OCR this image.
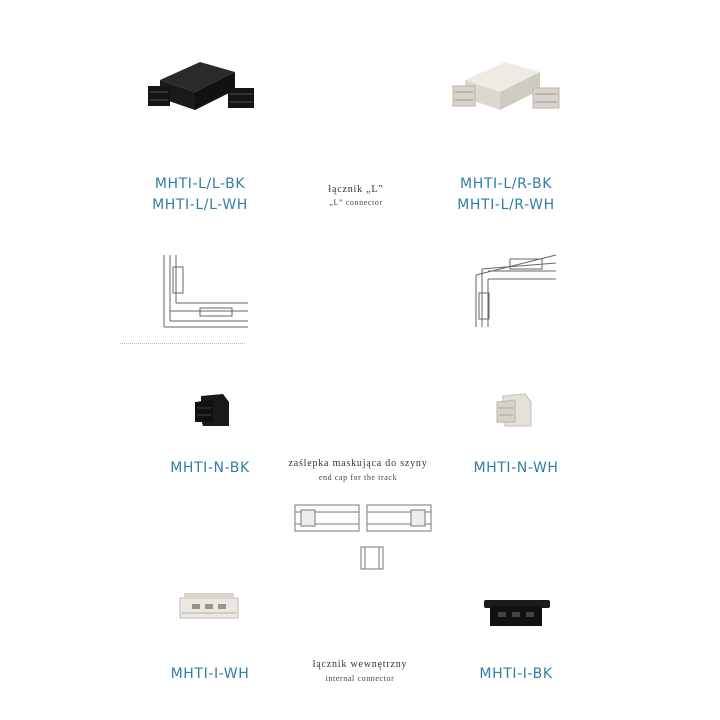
MHTI-L/L-BK
MHTI-L/L-WH
łącznik „L”
„L” connector
MHTI-L/R-BK
MHTI-L/R-WH
MHTI-N-BK	zaślepka maskująca do szyny
end cap for the track
MHTI-N-WH
MHTI-I-WH
łącznik wewnętrzny
internal connector	MHTI-I-BK
